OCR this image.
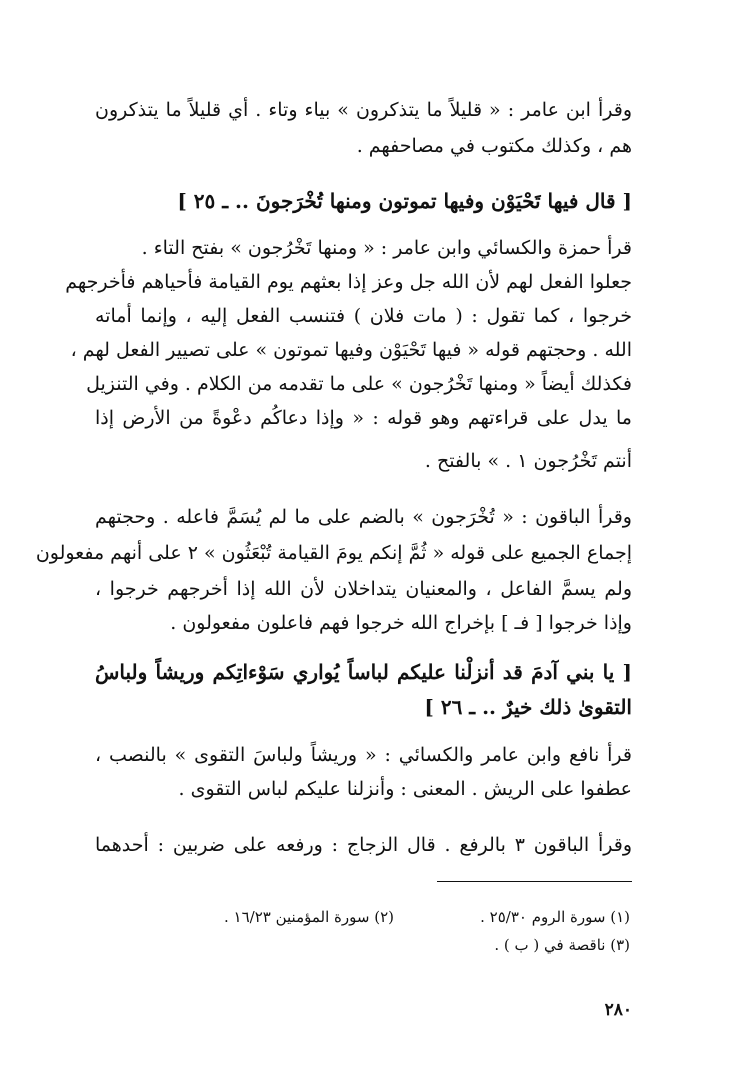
وقرأ ابن عامر : « قليلاً ما يتذكرون » بياء وتاء . أي قليلاً ما يتذكرون
هم ، وكذلك مكتوب في مصاحفهم .
[ قال فيها تَحْيَوْن وفيها تموتون ومنها تُخْرَجونَ .. ـ ٢٥ ]
قرأ حمزة والكسائي وابن عامر : « ومنها تَخْرُجون » بفتح التاء .
جعلوا الفعل لهم لأن الله جل وعز إذا بعثهم يوم القيامة فأحياهم فأخرجهم
خرجوا ، كما تقول : ( مات فلان ) فتنسب الفعل إليه ، وإنما أماته
الله . وحجتهم قوله « فيها تَحْيَوْن وفيها تموتون » على تصيير الفعل لهم ،
فكذلك أيضاً « ومنها تَخْرُجون » على ما تقدمه من الكلام . وفي التنزيل
ما يدل على قراءتهم وهو قوله : « وإذا دعاكُم دعْوةً من الأرض إذا
أنتم تَخْرُجون ١ . » بالفتح .
وقرأ الباقون : « تُخْرَجون » بالضم على ما لم يُسَمَّ فاعله . وحجتهم
إجماع الجميع على قوله « ثُمَّ إنكم يومَ القيامة تُبْعَثُون » ٢ على أنهم مفعولون
ولم يسمَّ الفاعل ، والمعنيان يتداخلان لأن الله إذا أخرجهم خرجوا ،
وإذا خرجوا [ فـ ] بإخراج الله خرجوا فهم فاعلون مفعولون .
[ يا بني آدمَ قد أنزلْنا عليكم لباساً يُواري سَوْءاتِكم وريشاً ولباسُ
التقوىٰ ذلك خيرٌ .. ـ ٢٦ ]
قرأ نافع وابن عامر والكسائي : « وريشاً ولباسَ التقوى » بالنصب ،
عطفوا على الريش . المعنى : وأنزلنا عليكم لباس التقوى .
وقرأ الباقون ٣ بالرفع . قال الزجاج : ورفعه على ضربين : أحدهما
(١) سورة الروم ٢٥/٣٠ .
(٢) سورة المؤمنين ١٦/٢٣ .
(٣) ناقصة في ( ب ) .
٢٨٠
